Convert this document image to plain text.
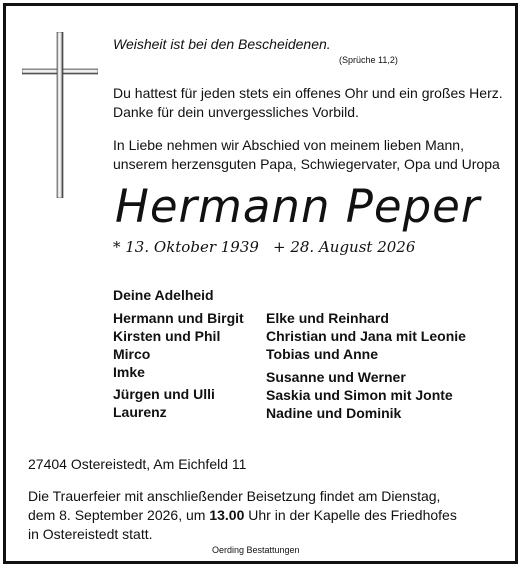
Weisheit ist bei den Bescheidenen.

(Sprüche 11,2)

Du hattest für jeden stets ein offenes Ohr und ein großes Herz.
Danke für dein unvergessliches Vorbild.
In Liebe nehmen wir Abschied von meinem lieben Mann,
unserem herzensguten Papa, Schwiegervater, Opa und Uropa

Hermann Peper

* 13. Oktober 1939 + 28. August 2026

Deine Adelheid
Hermann und Birgit
Kirsten und Phil
Mirco
Imke
Jürgen und Ulli
Laurenz
Elke und Reinhard
Christian und Jana mit Leonie
Tobias und Anne
Susanne und Werner
Saskia und Simon mit Jonte
Nadine und Dominik

27404 Ostereistedt, Am Eichfeld 11

Die Trauerfeier mit anschließender Beisetzung findet am Dienstag,
dem 8. September 2026, um 13.00 Uhr in der Kapelle des Friedhofes
in Ostereistedt statt.

Oerding Bestattungen
